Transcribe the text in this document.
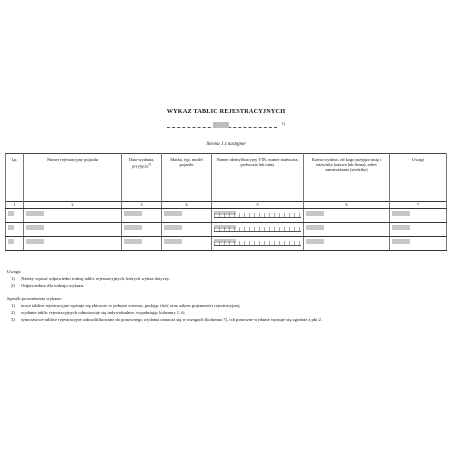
WYKAZ TABLIC REJESTRACYJNYCH
1)
Strona 1 z następne
Lp.	Numer rejestracyjny pojazdu	Data wydania, przyjęcia$^{2)}$	Marka, typ, model pojazdu	Numer identyfikacyjny VIN, numer nadwozia, podwozia lub ramy	Komu wydano, od kogo przyjęto imię i nazwisko (nazwa lub firma), adres zamieszkania (siedziby)	Uwagi
1	2	3	4	5	6	7

Uwaga:
1) Należy wpisać odpowiedni rodzaj tablic rejestracyjnych, których wykaz dotyczy.
2) Odpowiednio dla rodzaju wykazu.
Sposób prowadzenia wykazu:
1) nowe tablice rejestracyjne wpisuje się zbiorczo w jednym wierszu, podając ilość oraz zakres pojemności rejestracyjnej;
2) wydanie tablic rejestracyjnych odnotowuje się indywidualnie, wypełniając kolumny 1–6;
3) tymczasowe tablice rejestracyjne zakwalifikowane do ponownego wydania oznacza się w uwagach (kolumna 7), ich ponowne wydanie wpisuje się zgodnie z pkt 2.
